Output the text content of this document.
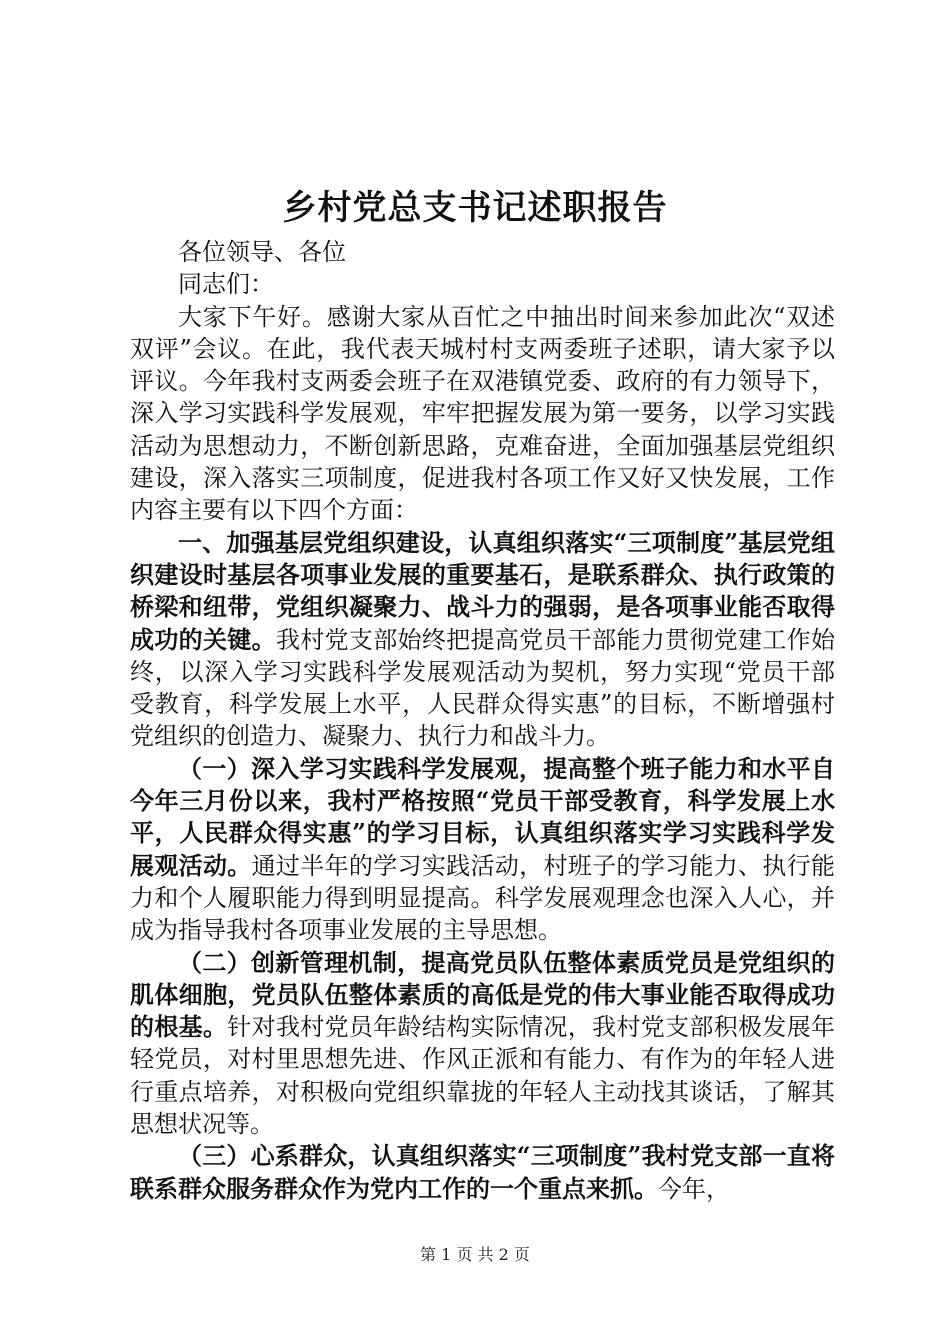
乡村党总支书记述职报告

各位领导、各位

同志们：

大家下午好。感谢大家从百忙之中抽出时间来参加此次“双述双评”会议。在此，我代表天城村村支两委班子述职，请大家予以评议。今年我村支两委会班子在双港镇党委、政府的有力领导下，深入学习实践科学发展观，牢牢把握发展为第一要务，以学习实践活动为思想动力，不断创新思路，克难奋进，全面加强基层党组织建设，深入落实三项制度，促进我村各项工作又好又快发展，工作内容主要有以下四个方面：

一、加强基层党组织建设，认真组织落实“三项制度”基层党组织建设时基层各项事业发展的重要基石，是联系群众、执行政策的桥梁和纽带，党组织凝聚力、战斗力的强弱，是各项事业能否取得成功的关键。我村党支部始终把提高党员干部能力贯彻党建工作始终，以深入学习实践科学发展观活动为契机，努力实现“党员干部受教育，科学发展上水平，人民群众得实惠”的目标，不断增强村党组织的创造力、凝聚力、执行力和战斗力。

（一）深入学习实践科学发展观，提高整个班子能力和水平自今年三月份以来，我村严格按照“党员干部受教育，科学发展上水平，人民群众得实惠”的学习目标，认真组织落实学习实践科学发展观活动。通过半年的学习实践活动，村班子的学习能力、执行能力和个人履职能力得到明显提高。科学发展观理念也深入人心，并成为指导我村各项事业发展的主导思想。

（二）创新管理机制，提高党员队伍整体素质党员是党组织的肌体细胞，党员队伍整体素质的高低是党的伟大事业能否取得成功的根基。针对我村党员年龄结构实际情况，我村党支部积极发展年轻党员，对村里思想先进、作风正派和有能力、有作为的年轻人进行重点培养，对积极向党组织靠拢的年轻人主动找其谈话，了解其思想状况等。

（三）心系群众，认真组织落实“三项制度”我村党支部一直将联系群众服务群众作为党内工作的一个重点来抓。今年，

第 1 页 共 2 页
